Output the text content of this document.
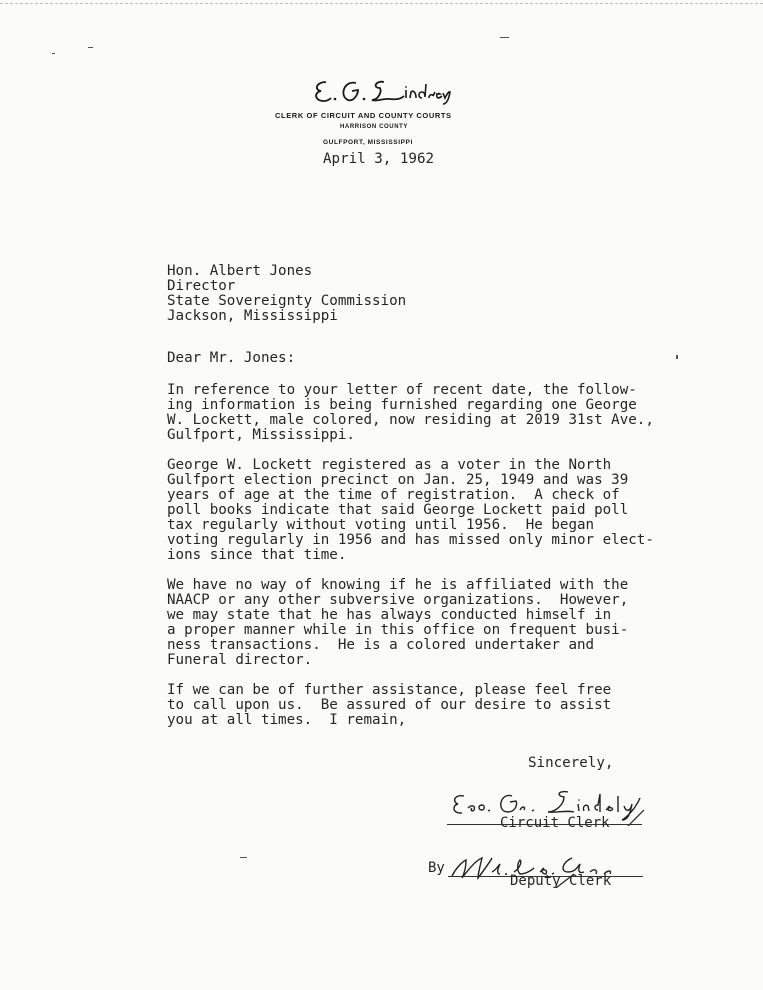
CLERK OF CIRCUIT AND COUNTY COURTS
HARRISON COUNTY
GULFPORT, MISSISSIPPI
April 3, 1962
Hon. Albert Jones
Director
State Sovereignty Commission
Jackson, Mississippi
Dear Mr. Jones:
In reference to your letter of recent date, the follow-
ing information is being furnished regarding one George
W. Lockett, male colored, now residing at 2019 31st Ave.,
Gulfport, Mississippi.
George W. Lockett registered as a voter in the North
Gulfport election precinct on Jan. 25, 1949 and was 39
years of age at the time of registration.  A check of
poll books indicate that said George Lockett paid poll
tax regularly without voting until 1956.  He began
voting regularly in 1956 and has missed only minor elect-
ions since that time.
We have no way of knowing if he is affiliated with the
NAACP or any other subversive organizations.  However,
we may state that he has always conducted himself in
a proper manner while in this office on frequent busi-
ness transactions.  He is a colored undertaker and
Funeral director.
If we can be of further assistance, please feel free
to call upon us.  Be assured of our desire to assist
you at all times.  I remain,
Sincerely,
Circuit Clerk
By
Deputy Clerk
